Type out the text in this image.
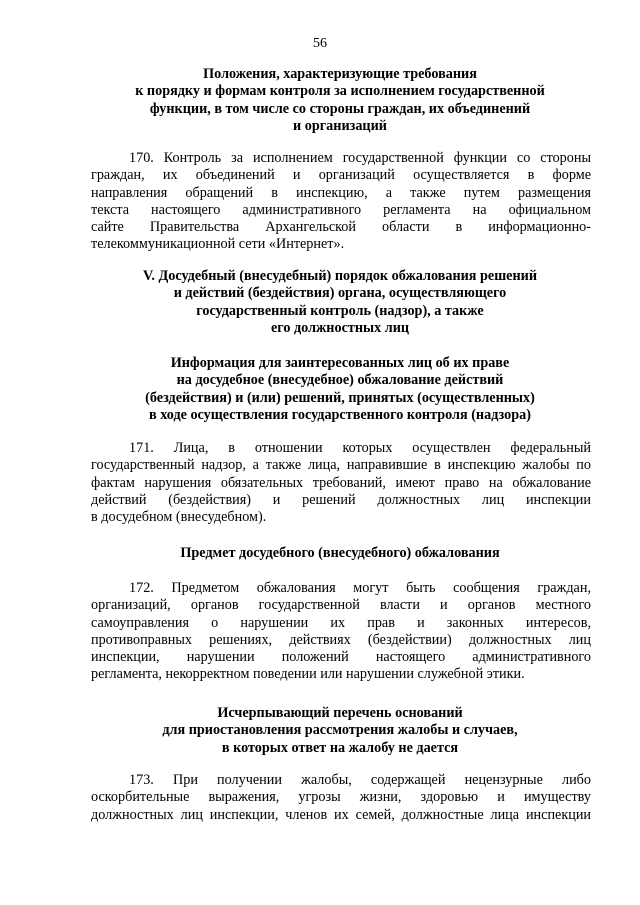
56
Положения, характеризующие требования
к порядку и формам контроля за исполнением государственной
функции, в том числе со стороны граждан, их объединений
и организаций
170. Контроль за исполнением государственной функции со стороны
граждан, их объединений и организаций осуществляется в форме
направления обращений в инспекцию, а также путем размещения
текста настоящего административного регламента на официальном
сайте Правительства Архангельской области в информационно-
телекоммуникационной сети «Интернет».
V. Досудебный (внесудебный) порядок обжалования решений
и действий (бездействия) органа, осуществляющего
государственный контроль (надзор), а также
его должностных лиц
Информация для заинтересованных лиц об их праве
на досудебное (внесудебное) обжалование действий
(бездействия) и (или) решений, принятых (осуществленных)
в ходе осуществления государственного контроля (надзора)
171. Лица, в отношении которых осуществлен федеральный
государственный надзор, а также лица, направившие в инспекцию жалобы по
фактам нарушения обязательных требований, имеют право на обжалование
действий (бездействия) и решений должностных лиц инспекции
в досудебном (внесудебном).
Предмет досудебного (внесудебного) обжалования
172. Предметом обжалования могут быть сообщения граждан,
организаций, органов государственной власти и органов местного
самоуправления о нарушении их прав и законных интересов,
противоправных решениях, действиях (бездействии) должностных лиц
инспекции, нарушении положений настоящего административного
регламента, некорректном поведении или нарушении служебной этики.
Исчерпывающий перечень оснований
для приостановления рассмотрения жалобы и случаев,
в которых ответ на жалобу не дается
173. При получении жалобы, содержащей нецензурные либо
оскорбительные выражения, угрозы жизни, здоровью и имуществу
должностных лиц инспекции, членов их семей, должностные лица инспекции
